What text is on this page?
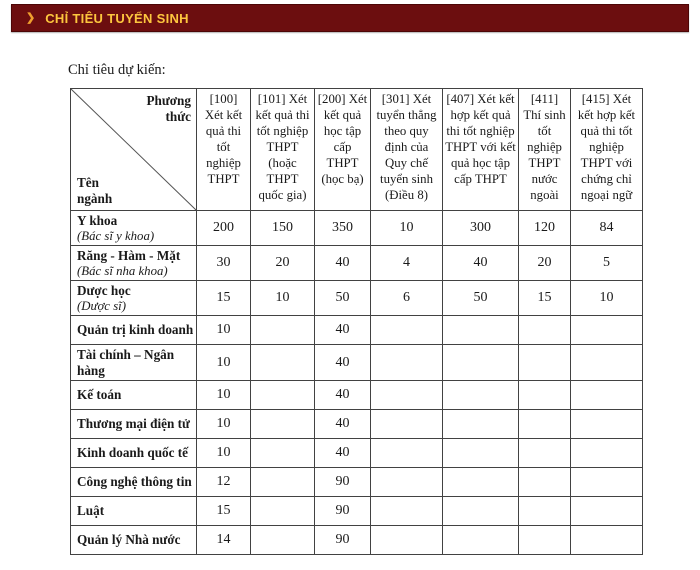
❯ CHỈ TIÊU TUYỂN SINH
Chỉ tiêu dự kiến:
Phương thức
Tên ngành	[100] Xét kết quả thi tốt nghiệp THPT	[101] Xét kết quả thi tốt nghiệp THPT (hoặc THPT quốc gia)	[200] Xét kết quả học tập cấp THPT (học bạ)	[301] Xét tuyển thẳng theo quy định của Quy chế tuyển sinh (Điều 8)	[407] Xét kết hợp kết quả thi tốt nghiệp THPT với kết quả học tập cấp THPT	[411] Thí sinh tốt nghiệp THPT nước ngoài	[415] Xét kết hợp kết quả thi tốt nghiệp THPT với chứng chỉ ngoại ngữ

Y khoa
(Bác sĩ y khoa)	200	150	350	10	300	120	84

Răng - Hàm - Mặt
(Bác sĩ nha khoa)	30	20	40	4	40	20	5

Dược học
(Dược sĩ)	15	10	50	6	50	15	10

Quản trị kinh doanh	10		40				

Tài chính – Ngân hàng	10		40				

Kế toán	10		40				

Thương mại điện tử	10		40				

Kinh doanh quốc tế	10		40				

Công nghệ thông tin	12		90				

Luật	15		90				

Quản lý Nhà nước	14		90				
